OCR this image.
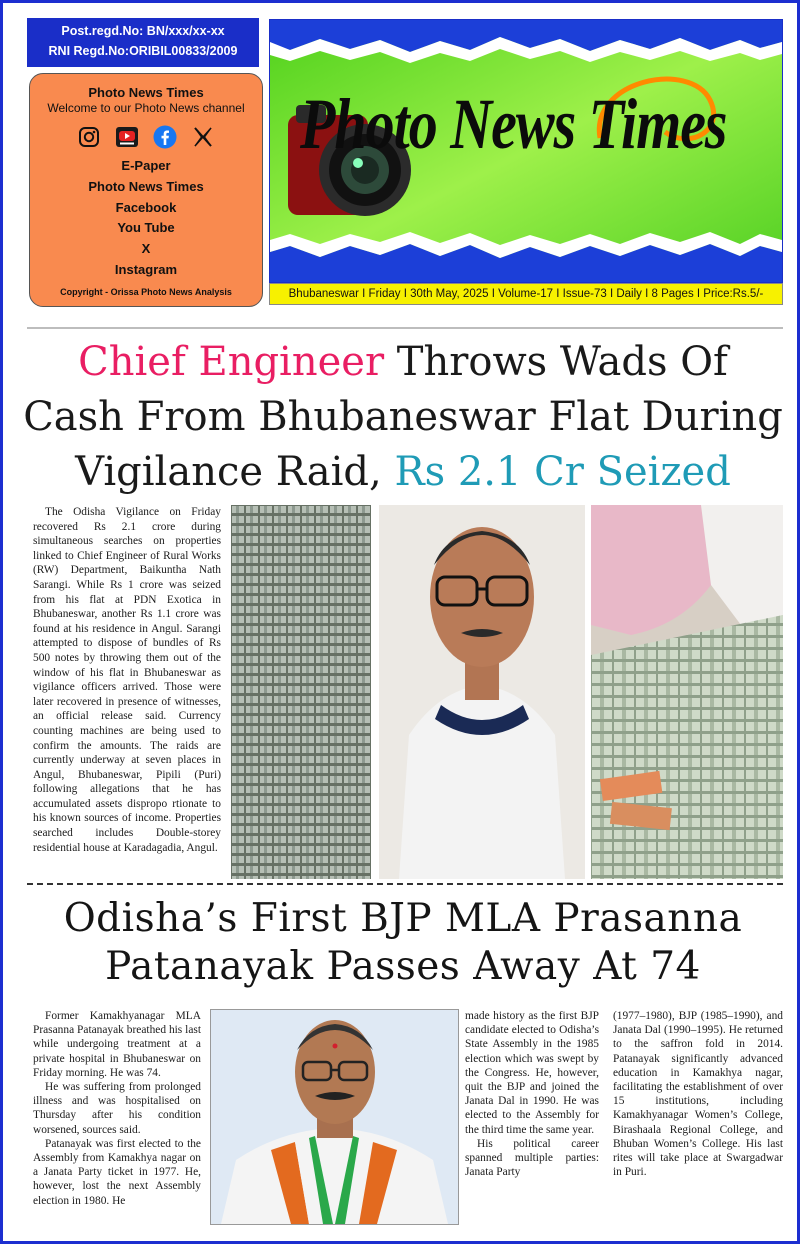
Post.regd.No: BN/xxx/xx-xx
RNI Regd.No:ORIBIL00833/2009
Photo News Times
Welcome to our Photo News channel
E-Paper
Photo News Times
Facebook
You Tube
X
Instagram
Copyright - Orissa Photo News Analysis
Photo News Times
Bhubaneswar I Friday I 30th May, 2025 I Volume-17 I Issue-73 I Daily I 8 Pages I Price:Rs.5/-
Chief Engineer Throws Wads Of Cash From Bhubaneswar Flat During Vigilance Raid, Rs 2.1 Cr Seized
The Odisha Vigilance on Friday recovered Rs 2.1 crore during simultaneous searches on properties linked to Chief Engineer of Rural Works (RW) Department, Baikuntha Nath Sarangi. While Rs 1 crore was seized from his flat at PDN Exotica in Bhubaneswar, another Rs 1.1 crore was found at his residence in Angul. Sarangi attempted to dispose of bundles of Rs 500 notes by throwing them out of the window of his flat in Bhubaneswar as vigilance officers arrived. Those were later recovered in presence of witnesses, an official release said. Currency counting machines are being used to confirm the amounts. The raids are currently underway at seven places in Angul, Bhubaneswar, Pipili (Puri) following allegations that he has accumulated assets dispropo rtionate to his known sources of income. Properties searched includes Double-storey residential house at Karadagadia, Angul.
Odisha’s First BJP MLA Prasanna Patanayak Passes Away At 74

Former Kamakhyanagar MLA Prasanna Patanayak breathed his last while undergoing treatment at a private hospital in Bhubaneswar on Friday morning. He was 74.

He was suffering from prolonged illness and was hospitalised on Thursday after his condition worsened, sources said.

Patanayak was first elected to the Assembly from Kamakhya nagar on a Janata Party ticket in 1977. He, however, lost the next Assembly election in 1980. He

made history as the first BJP candidate elected to Odisha’s State Assembly in the 1985 election which was swept by the Congress. He, however, quit the BJP and joined the Janata Dal in 1990. He was elected to the Assembly for the third time the same year.

His political career spanned multiple parties: Janata Party

(1977–1980), BJP (1985–1990), and Janata Dal (1990–1995). He returned to the saffron fold in 2014. Patanayak significantly advanced education in Kamakhya nagar, facilitating the establishment of over 15 institutions, including Kamakhyanagar Women’s College, Birashaala Regional College, and Bhuban Women’s College. His last rites will take place at Swargadwar in Puri.
